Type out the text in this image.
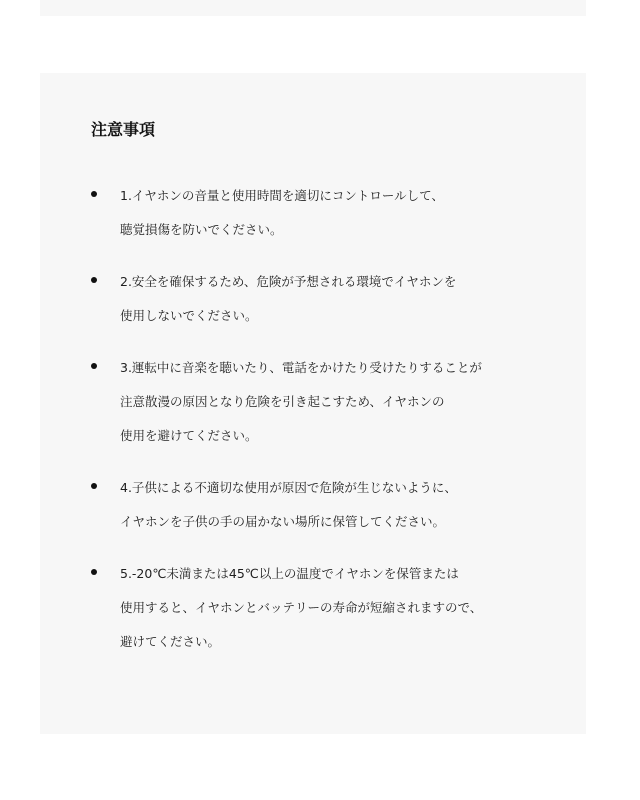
注意事項
1.イヤホンの音量と使用時間を適切にコントロールして、
聴覚損傷を防いでください。
2.安全を確保するため、危険が予想される環境でイヤホンを
使用しないでください。
3.運転中に音楽を聴いたり、電話をかけたり受けたりすることが
注意散漫の原因となり危険を引き起こすため、イヤホンの
使用を避けてください。
4.子供による不適切な使用が原因で危険が生じないように、
イヤホンを子供の手の届かない場所に保管してください。
5.-20℃未満または45℃以上の温度でイヤホンを保管または
使用すると、イヤホンとバッテリーの寿命が短縮されますので、
避けてください。
